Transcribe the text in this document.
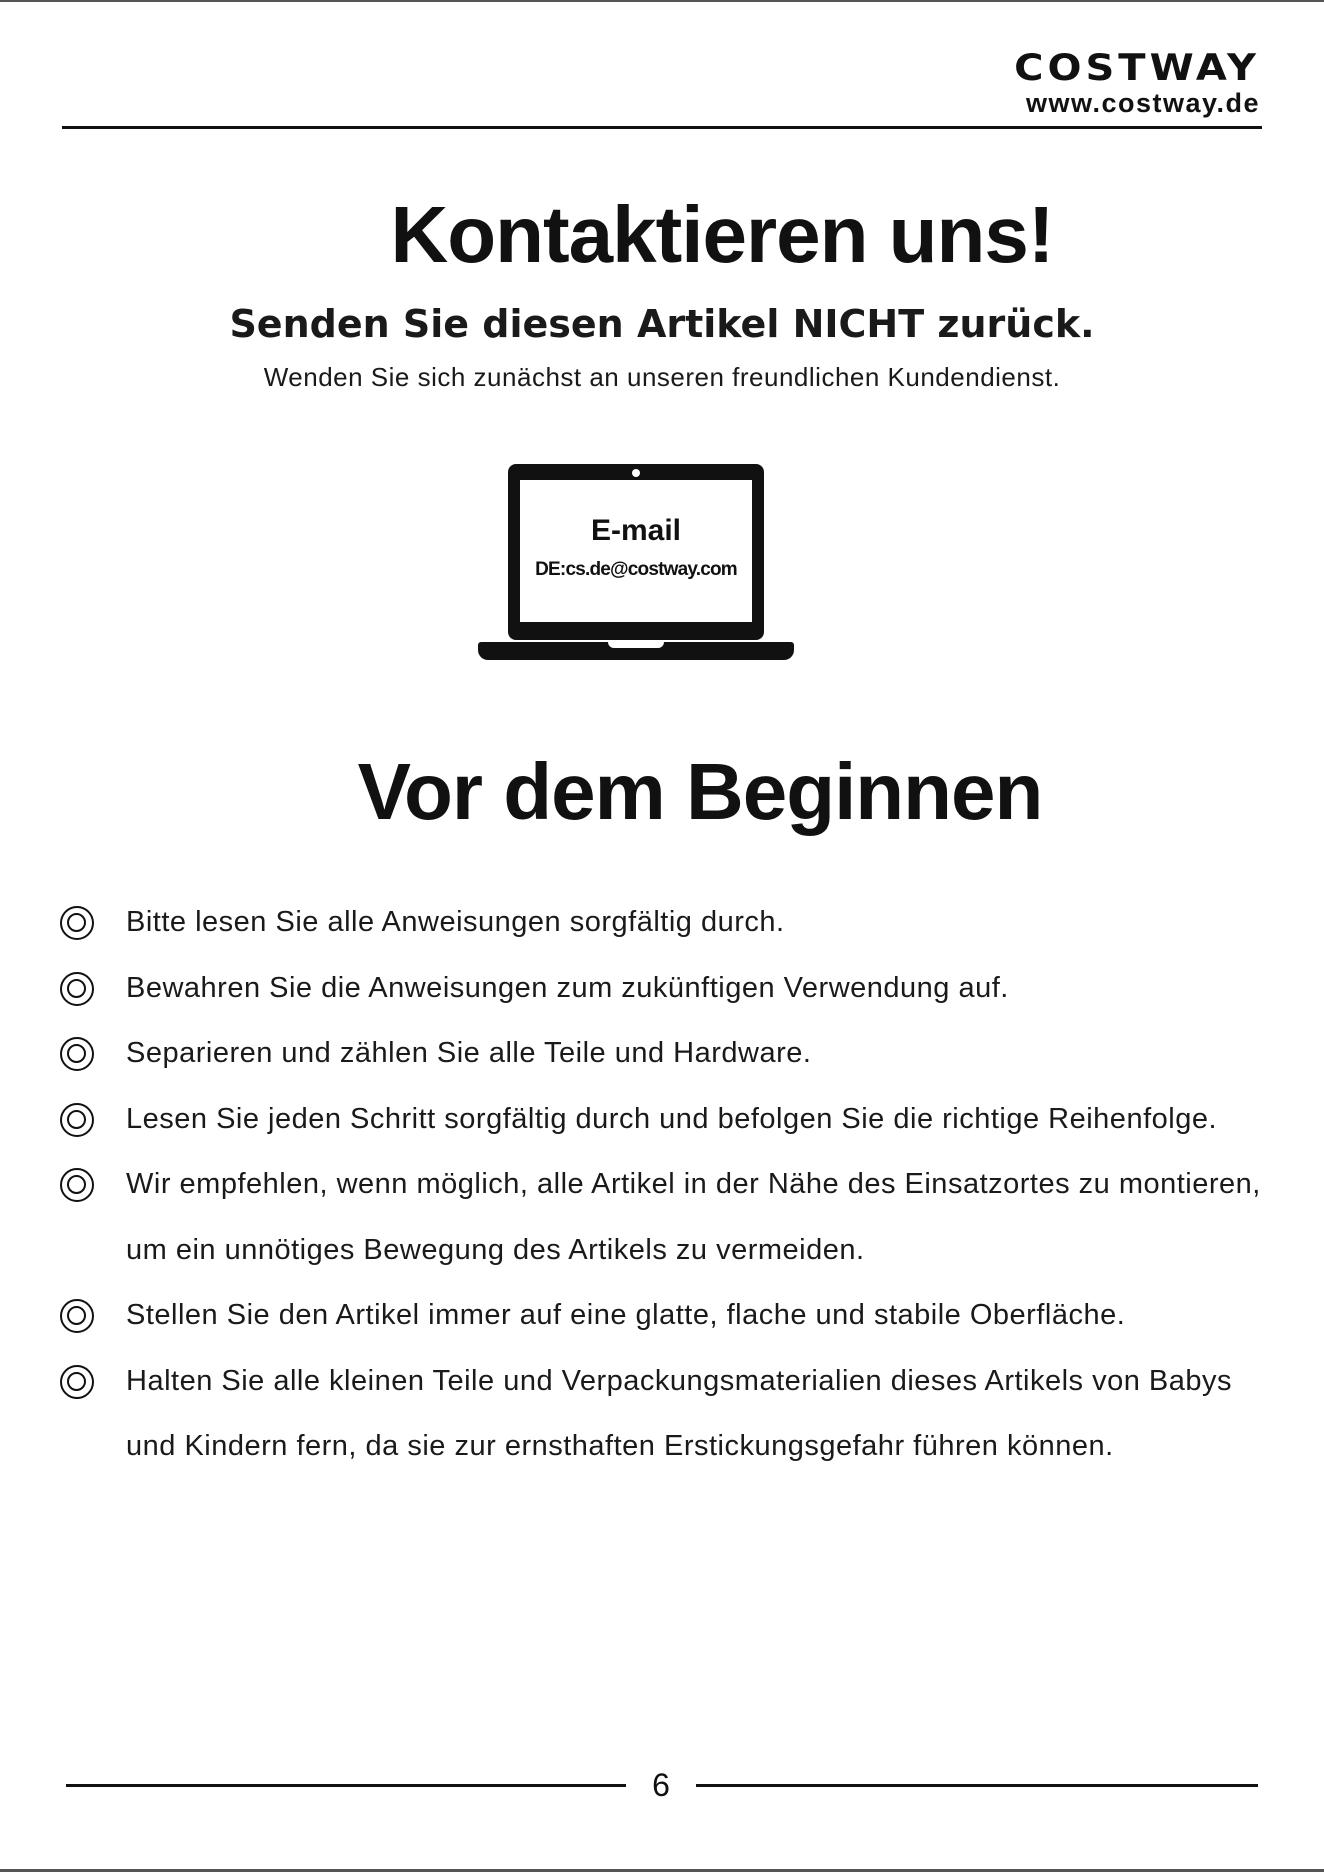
COSTWAY
www.costway.de
Kontaktieren uns!
Senden Sie diesen Artikel NICHT zurück.
Wenden Sie sich zunächst an unseren freundlichen Kundendienst.
E-mail
DE:cs.de@costway.com
Vor dem Beginnen
Bitte lesen Sie alle Anweisungen sorgfältig durch.
Bewahren Sie die Anweisungen zum zukünftigen Verwendung auf.
Separieren und zählen Sie alle Teile und Hardware.
Lesen Sie jeden Schritt sorgfältig durch und befolgen Sie die richtige Reihenfolge.
Wir empfehlen, wenn möglich, alle Artikel in der Nähe des Einsatzortes zu montieren, um ein unnötiges Bewegung des Artikels zu vermeiden.
Stellen Sie den Artikel immer auf eine glatte, flache und stabile Oberfläche.
Halten Sie alle kleinen Teile und Verpackungsmaterialien dieses Artikels von Babys und Kindern fern, da sie zur ernsthaften Erstickungsgefahr führen können.
6
